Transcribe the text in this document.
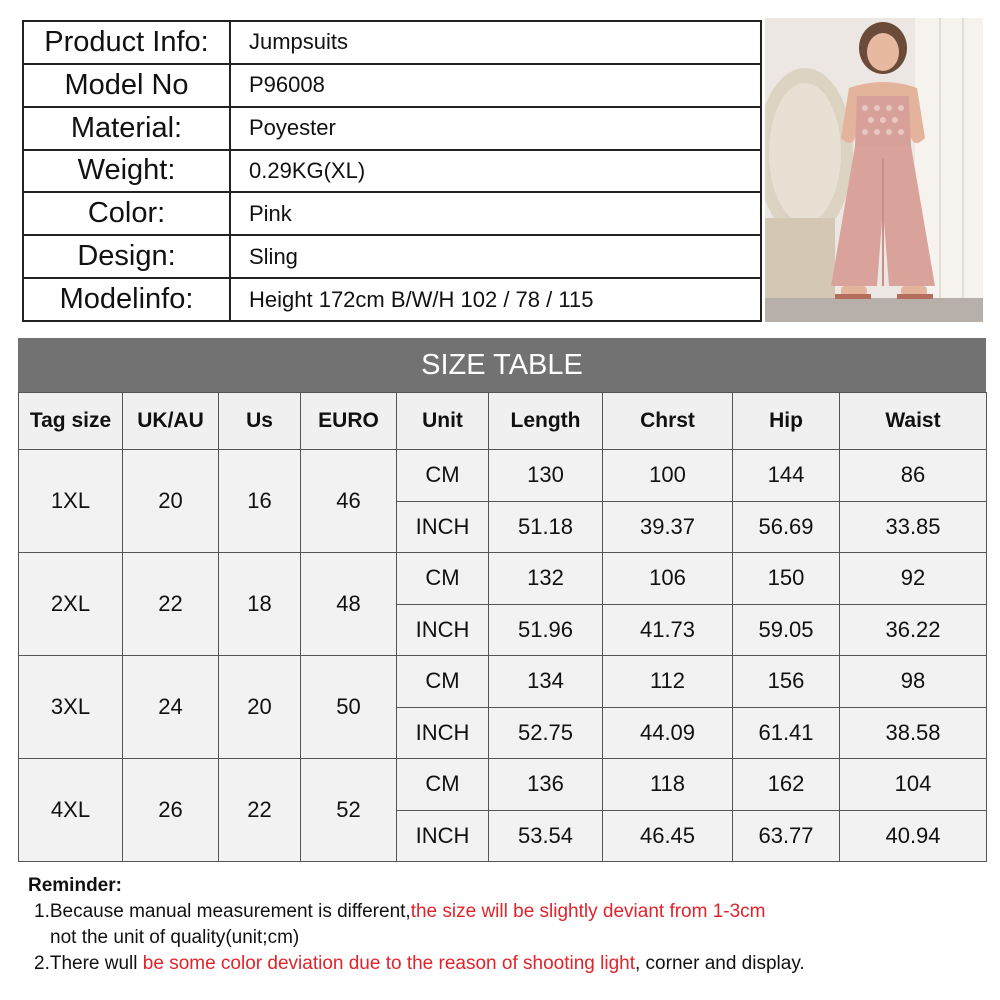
Product Info:	Jumpsuits
Model No	P96008
Material:	Poyester
Weight:	0.29KG(XL)
Color:	Pink
Design:	Sling
Modelinfo:	Height 172cm B/W/H 102 / 78 / 115
SIZE TABLE
Tag size	UK/AU	Us	EURO	Unit	Length	Chrst	Hip	Waist
1XL	20	16	46	CM	130	100	144	86
				INCH	51.18	39.37	56.69	33.85
2XL	22	18	48	CM	132	106	150	92
				INCH	51.96	41.73	59.05	36.22
3XL	24	20	50	CM	134	112	156	98
				INCH	52.75	44.09	61.41	38.58
4XL	26	22	52	CM	136	118	162	104
				INCH	53.54	46.45	63.77	40.94
Reminder:
1.Because manual measurement is different,the size will be slightly deviant from 1-3cm
not the unit of quality(unit;cm)
2.There wull be some color deviation due to the reason of shooting light, corner and display.
